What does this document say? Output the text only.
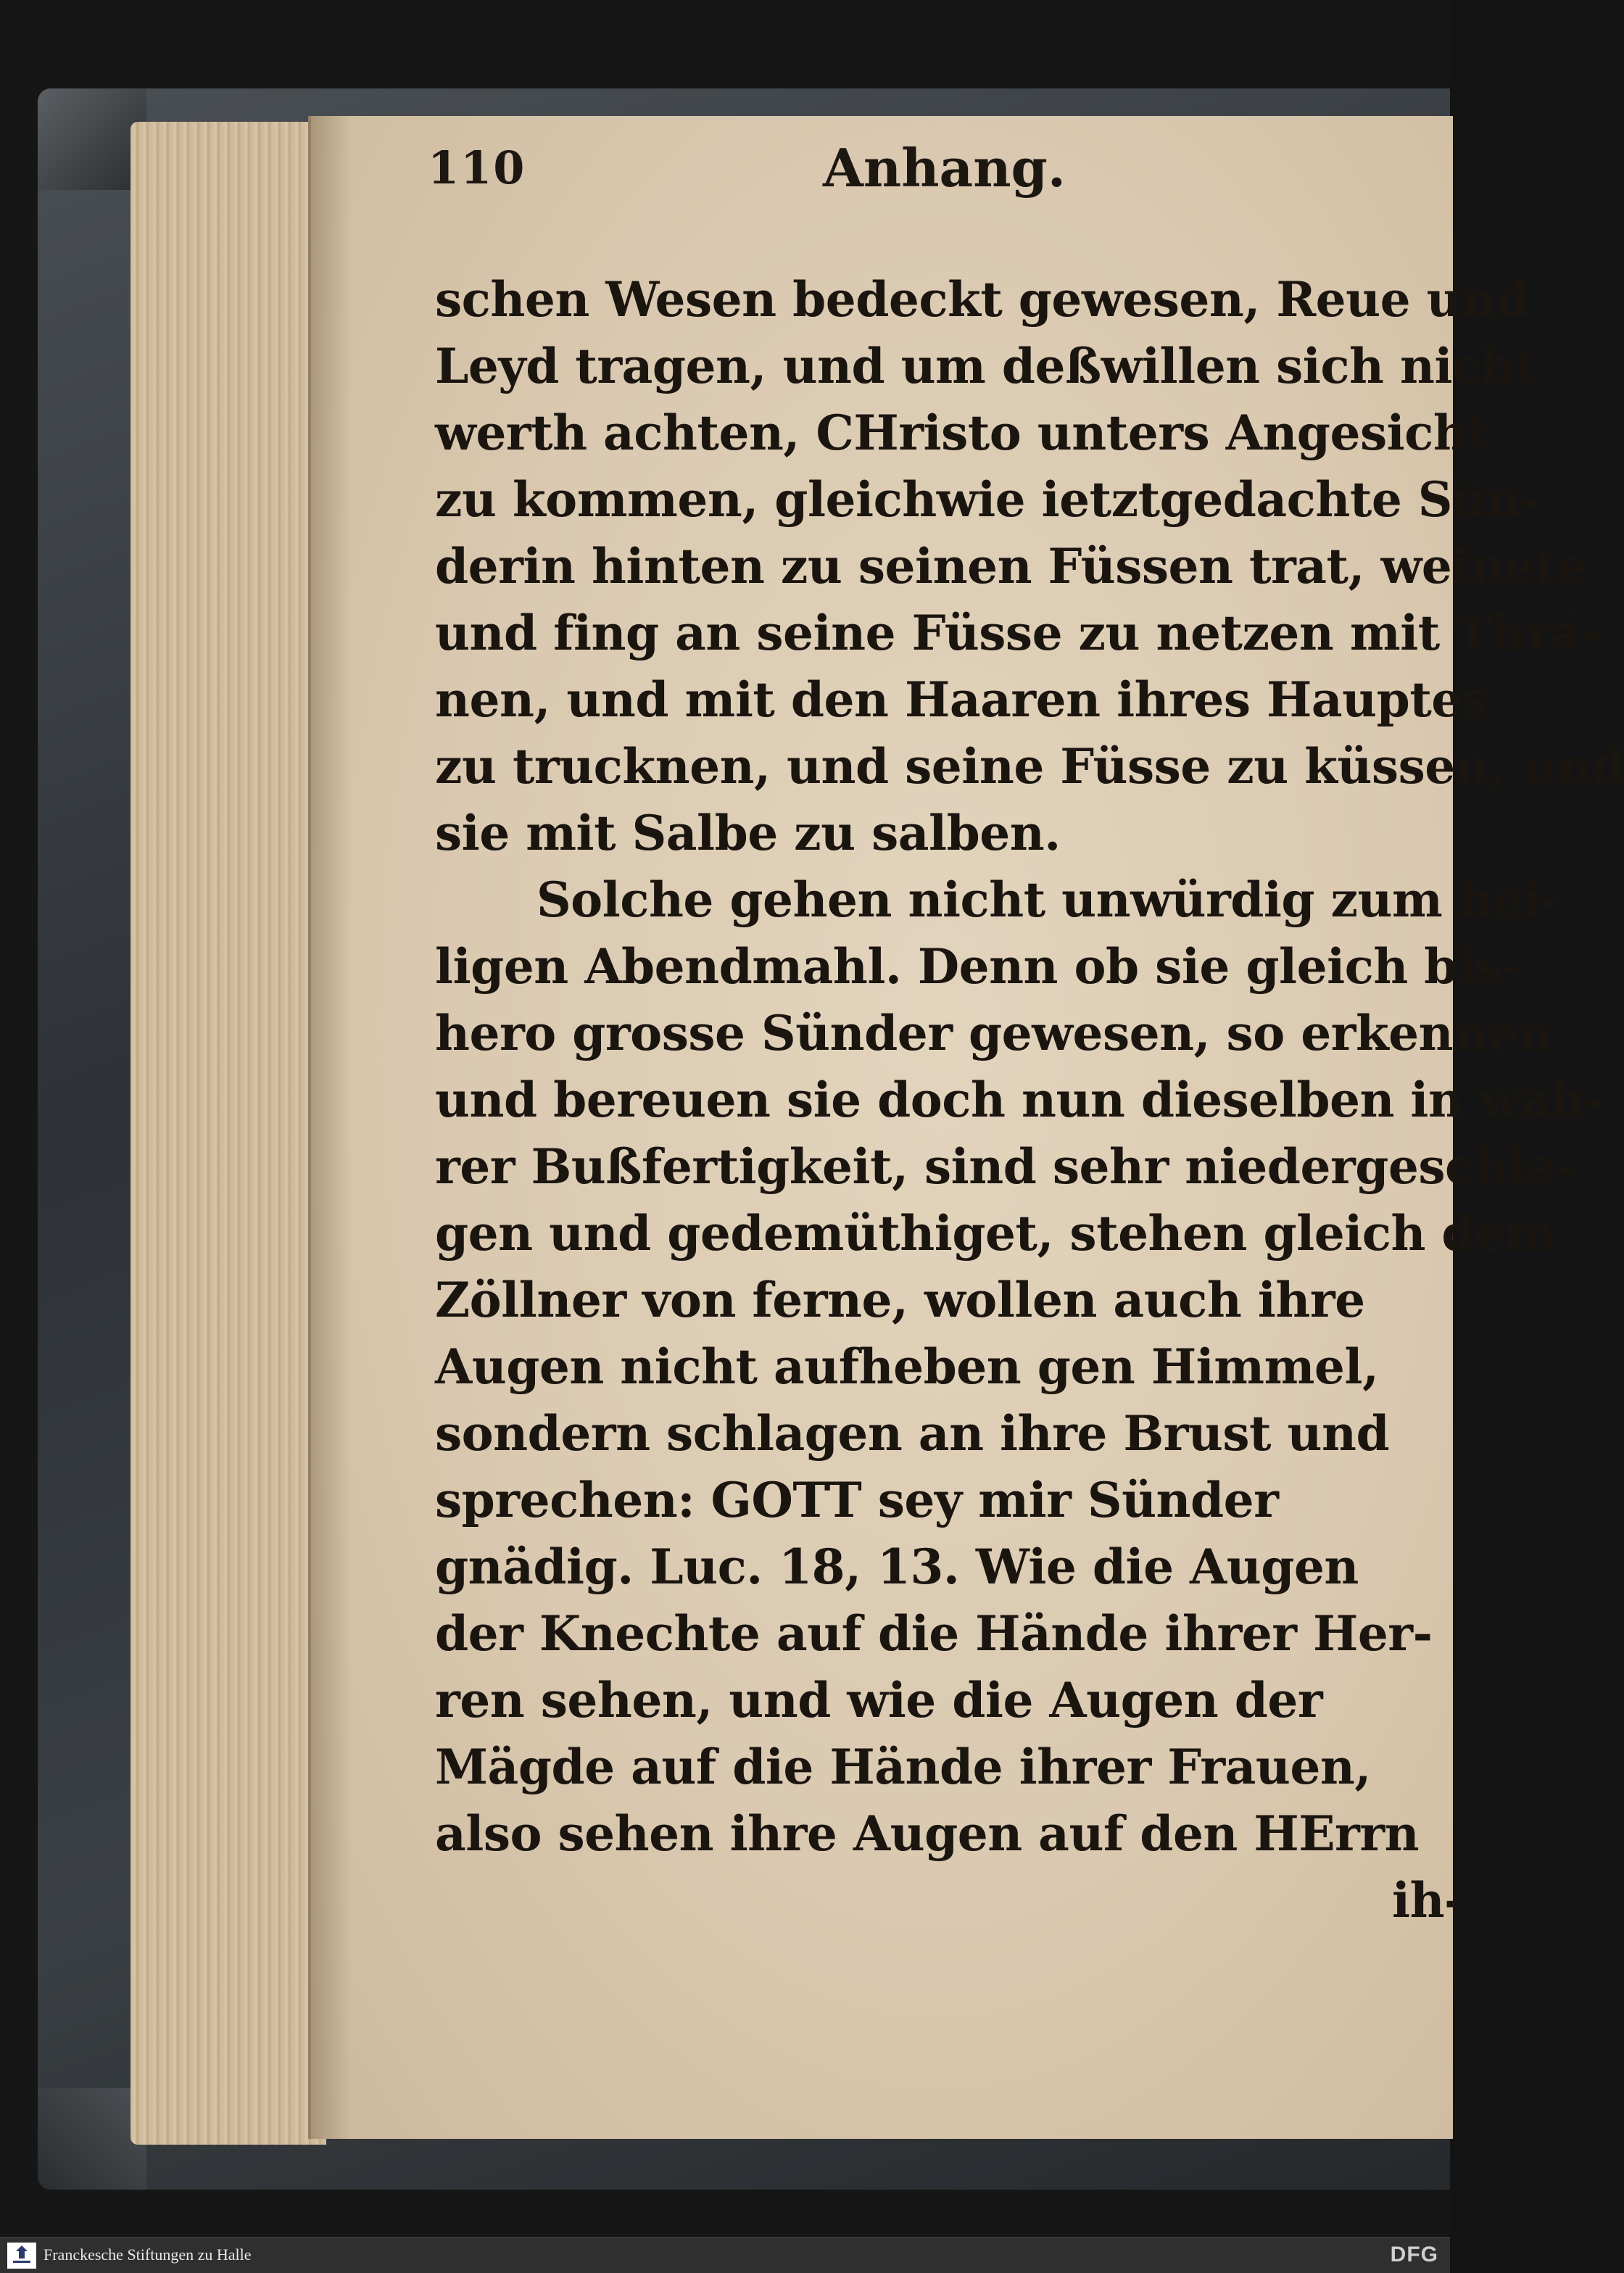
110	Anhang.
schen Wesen bedeckt gewesen, Reue und
Leyd tragen, und um deßwillen sich nicht
werth achten, CHristo unters Angesicht
zu kommen, gleichwie ietztgedachte Sün-
derin hinten zu seinen Füssen trat, weinete
und fing an seine Füsse zu netzen mit Thrä-
nen, und mit den Haaren ihres Hauptes
zu trucknen, und seine Füsse zu küssen, und
sie mit Salbe zu salben.
Solche gehen nicht unwürdig zum hei-
ligen Abendmahl. Denn ob sie gleich bis-
hero grosse Sünder gewesen, so erkennen
und bereuen sie doch nun dieselben in wah-
rer Bußfertigkeit, sind sehr niedergeschla-
gen und gedemüthiget, stehen gleich dem
Zöllner von ferne, wollen auch ihre
Augen nicht aufheben gen Himmel,
sondern schlagen an ihre Brust und
sprechen: GOTT sey mir Sünder
gnädig. Luc. 18, 13. Wie die Augen
der Knechte auf die Hände ihrer Her-
ren sehen, und wie die Augen der
Mägde auf die Hände ihrer Frauen,
also sehen ihre Augen auf den HErrn
ih-
Franckesche Stiftungen zu Halle	DFG
